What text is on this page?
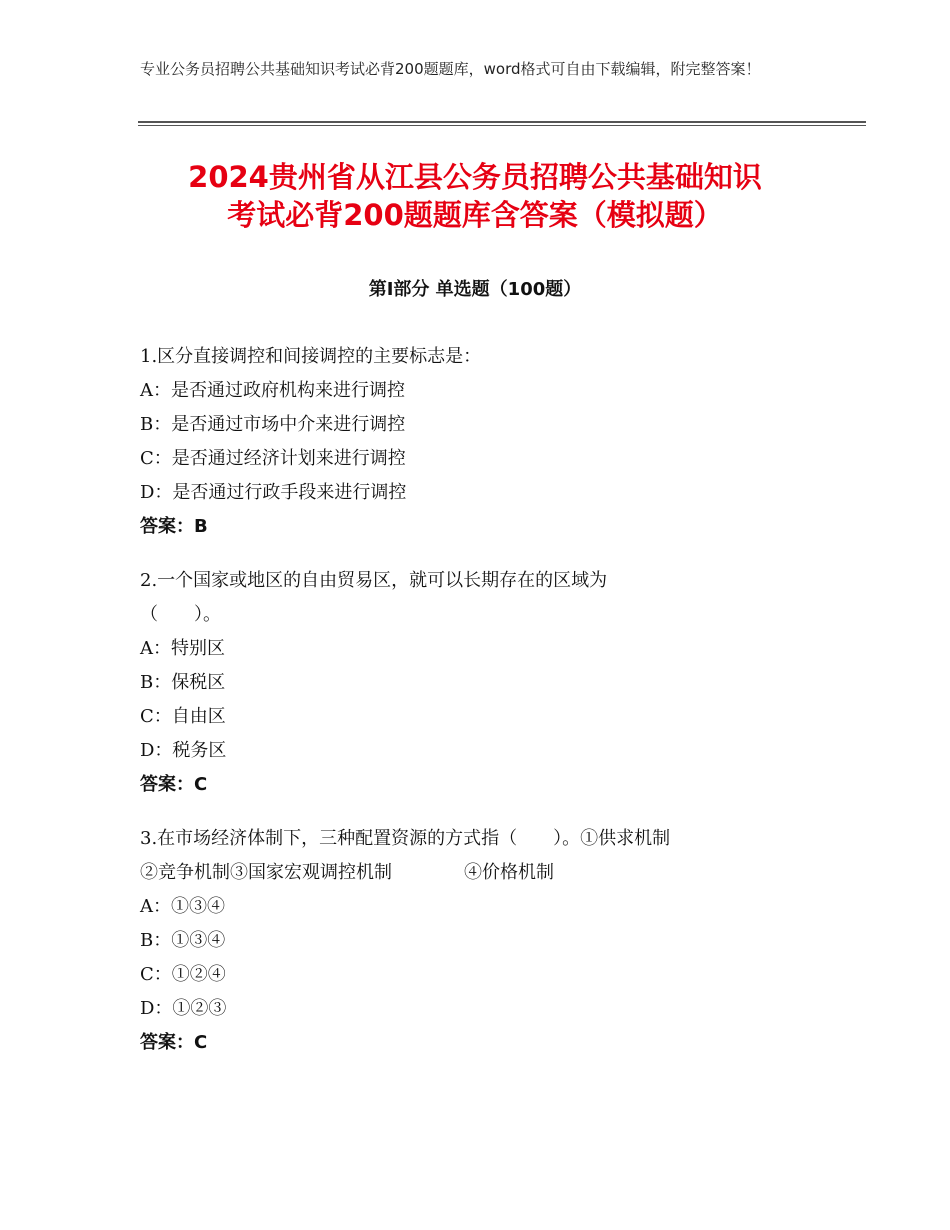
专业公务员招聘公共基础知识考试必背200题题库，word格式可自由下载编辑，附完整答案！
2024贵州省从江县公务员招聘公共基础知识
考试必背200题题库含答案（模拟题）
第Ⅰ部分 单选题（100题）
1.区分直接调控和间接调控的主要标志是：
A：是否通过政府机构来进行调控
B：是否通过市场中介来进行调控
C：是否通过经济计划来进行调控
D：是否通过行政手段来进行调控
答案：B
2.一个国家或地区的自由贸易区，就可以长期存在的区域为
（　　）。
A：特别区
B：保税区
C：自由区
D：税务区
答案：C
3.在市场经济体制下，三种配置资源的方式指（　　）。①供求机制
②竞争机制③国家宏观调控机制　　　　④价格机制
A：①③④
B：①③④
C：①②④
D：①②③
答案：C
